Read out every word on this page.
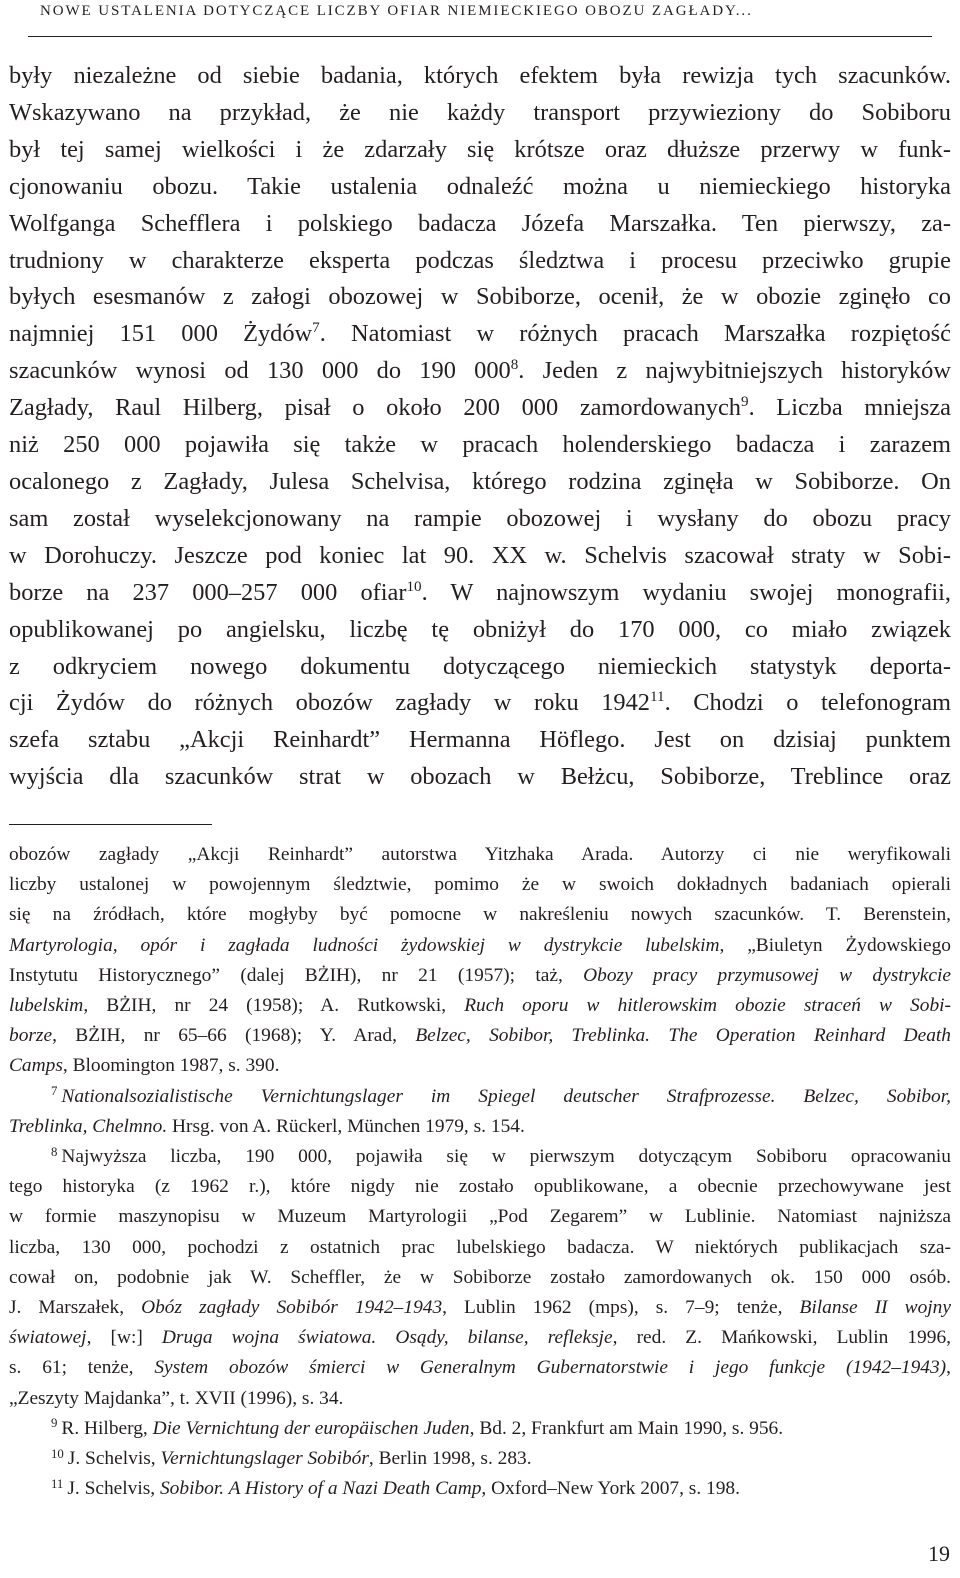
NOWE USTALENIA DOTYCZĄCE LICZBY OFIAR NIEMIECKIEGO OBOZU ZAGŁADY...

były niezależne od siebie badania, których efektem była rewizja tych szacunków.
Wskazywano na przykład, że nie każdy transport przywieziony do Sobiboru
był tej samej wielkości i że zdarzały się krótsze oraz dłuższe przerwy w funk-
cjonowaniu obozu. Takie ustalenia odnaleźć można u niemieckiego historyka
Wolfganga Schefflera i polskiego badacza Józefa Marszałka. Ten pierwszy, za-
trudniony w charakterze eksperta podczas śledztwa i procesu przeciwko grupie
byłych esesmanów z załogi obozowej w Sobiborze, ocenił, że w obozie zginęło co
najmniej 151 000 Żydów$^7$. Natomiast w różnych pracach Marszałka rozpiętość
szacunków wynosi od 130 000 do 190 $000^8$. Jeden z najwybitniejszych historyków
Zagłady, Raul Hilberg, pisał o około 200 000 zamordowanych$^9$. Liczba mniejsza
niż 250 000 pojawiła się także w pracach holenderskiego badacza i zarazem
ocalonego z Zagłady, Julesa Schelvisa, którego rodzina zginęła w Sobiborze. On
sam został wyselekcjonowany na rampie obozowej i wysłany do obozu pracy
w Dorohuczy. Jeszcze pod koniec lat 90. XX w. Schelvis szacował straty w Sobi-
borze na 237 000–257 000 ofiar$^{10}$. W najnowszym wydaniu swojej monografii,
opublikowanej po angielsku, liczbę tę obniżył do 170 000, co miało związek
z odkryciem nowego dokumentu dotyczącego niemieckich statystyk deporta-
cji Żydów do różnych obozów zagłady w roku 1942$^{11}$. Chodzi o telefonogram
szefa sztabu „Akcji Reinhardt” Hermanna Höflego. Jest on dzisiaj punktem
wyjścia dla szacunków strat w obozach w Bełżcu, Sobiborze, Treblince oraz

obozów zagłady „Akcji Reinhardt” autorstwa Yitzhaka Arada. Autorzy ci nie weryfikowali
liczby ustalonej w powojennym śledztwie, pomimo że w swoich dokładnych badaniach opierali
się na źródłach, które mogłyby być pomocne w nakreśleniu nowych szacunków. T. Berenstein,
Martyrologia, opór i zagłada ludności żydowskiej w dystrykcie lubelskim, „Biuletyn Żydowskiego
Instytutu Historycznego” (dalej BŻIH), nr 21 (1957); taż, Obozy pracy przymusowej w dystrykcie
lubelskim, BŻIH, nr 24 (1958); A. Rutkowski, Ruch oporu w hitlerowskim obozie straceń w Sobi-
borze, BŻIH, nr 65–66 (1968); Y. Arad, Belzec, Sobibor, Treblinka. The Operation Reinhard Death
Camps, Bloomington 1987, s. 390.
$^7$ Nationalsozialistische Vernichtungslager im Spiegel deutscher Strafprozesse. Belzec, Sobibor,
Treblinka, Chelmno. Hrsg. von A. Rückerl, München 1979, s. 154.
$^8$ Najwyższa liczba, 190 000, pojawiła się w pierwszym dotyczącym Sobiboru opracowaniu
tego historyka (z 1962 r.), które nigdy nie zostało opublikowane, a obecnie przechowywane jest
w formie maszynopisu w Muzeum Martyrologii „Pod Zegarem” w Lublinie. Natomiast najniższa
liczba, 130 000, pochodzi z ostatnich prac lubelskiego badacza. W niektórych publikacjach sza-
cował on, podobnie jak W. Scheffler, że w Sobiborze zostało zamordowanych ok. 150 000 osób.
J. Marszałek, Obóz zagłady Sobibór 1942–1943, Lublin 1962 (mps), s. 7–9; tenże, Bilanse II wojny
światowej, [w:] Druga wojna światowa. Osądy, bilanse, refleksje, red. Z. Mańkowski, Lublin 1996,
s. 61; tenże, System obozów śmierci w Generalnym Gubernatorstwie i jego funkcje (1942–1943),
„Zeszyty Majdanka”, t. XVII (1996), s. 34.
$^9$ R. Hilberg, Die Vernichtung der europäischen Juden, Bd. 2, Frankfurt am Main 1990, s. 956.
$^{10}$ J. Schelvis, Vernichtungslager Sobibór, Berlin 1998, s. 283.
$^{11}$ J. Schelvis, Sobibor. A History of a Nazi Death Camp, Oxford–New York 2007, s. 198.
19
